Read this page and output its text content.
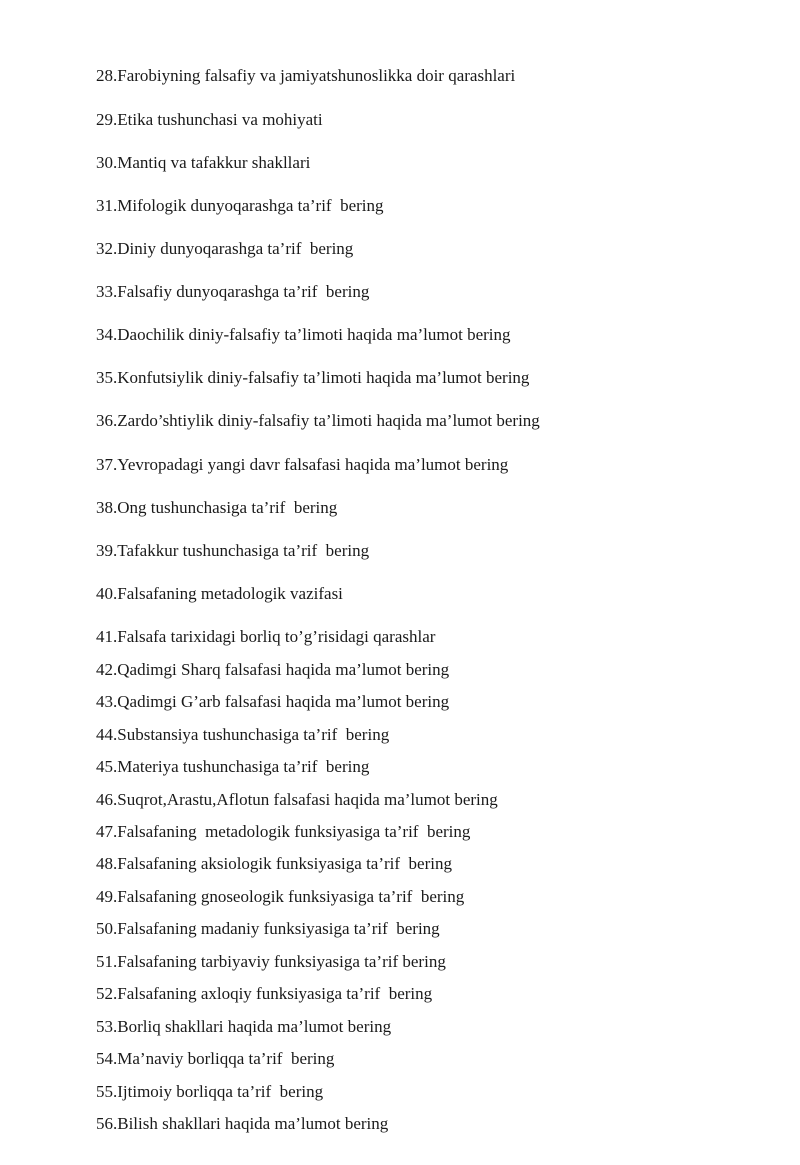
28.Farobiyning falsafiy va jamiyatshunoslikka doir qarashlari

29.Etika tushunchasi va mohiyati

30.Mantiq va tafakkur shakllari

31.Mifologik dunyoqarashga ta’rif  bering

32.Diniy dunyoqarashga ta’rif  bering

33.Falsafiy dunyoqarashga ta’rif  bering

34.Daochilik diniy-falsafiy ta’limoti haqida ma’lumot bering

35.Konfutsiylik diniy-falsafiy ta’limoti haqida ma’lumot bering

36.Zardo’shtiylik diniy-falsafiy ta’limoti haqida ma’lumot bering

37.Yevropadagi yangi davr falsafasi haqida ma’lumot bering

38.Ong tushunchasiga ta’rif  bering

39.Tafakkur tushunchasiga ta’rif  bering

40.Falsafaning metadologik vazifasi

41.Falsafa tarixidagi borliq to’g’risidagi qarashlar

42.Qadimgi Sharq falsafasi haqida ma’lumot bering

43.Qadimgi G’arb falsafasi haqida ma’lumot bering

44.Substansiya tushunchasiga ta’rif  bering

45.Materiya tushunchasiga ta’rif  bering

46.Suqrot,Arastu,Aflotun falsafasi haqida ma’lumot bering

47.Falsafaning  metadologik funksiyasiga ta’rif  bering

48.Falsafaning aksiologik funksiyasiga ta’rif  bering

49.Falsafaning gnoseologik funksiyasiga ta’rif  bering

50.Falsafaning madaniy funksiyasiga ta’rif  bering

51.Falsafaning tarbiyaviy funksiyasiga ta’rif bering

52.Falsafaning axloqiy funksiyasiga ta’rif  bering

53.Borliq shakllari haqida ma’lumot bering

54.Ma’naviy borliqqa ta’rif  bering

55.Ijtimoiy borliqqa ta’rif  bering

56.Bilish shakllari haqida ma’lumot bering
